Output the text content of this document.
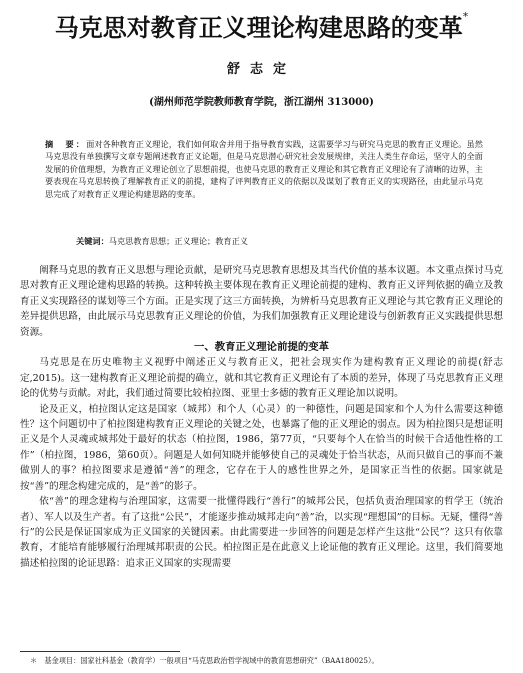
马克思对教育正义理论构建思路的变革*
舒志定
(湖州师范学院教师教育学院，浙江湖州 313000)
摘　要：面对各种教育正义理论，我们如何取舍并用于指导教育实践，这需要学习与研究马克思的教育正义理论。虽然马克思没有单独撰写文章专题阐述教育正义论题，但是马克思潜心研究社会发展规律，关注人类生存命运，坚守人的全面发展的价值理想，为教育正义理论创立了思想前提，也使马克思的教育正义理论和其它教育正义理论有了清晰的边界，主要表现在马克思转换了理解教育正义的前提，建构了评判教育正义的依据以及谋划了教育正义的实现路径，由此显示马克思完成了对教育正义理论构建思路的变革。
关键词：马克思教育思想；正义理论；教育正义

阐释马克思的教育正义思想与理论贡献，是研究马克思教育思想及其当代价值的基本议题。本文重点探讨马克思对教育正义理论建构思路的转换。这种转换主要体现在教育正义理论前提的建构、教育正义评判依据的确立及教育正义实现路径的谋划等三个方面。正是实现了这三方面转换，为辨析马克思教育正义理论与其它教育正义理论的差异提供思路，由此展示马克思教育正义理论的价值，为我们加强教育正义理论建设与创新教育正义实践提供思想资源。

一、教育正义理论前提的变革

马克思是在历史唯物主义视野中阐述正义与教育正义，把社会现实作为建构教育正义理论的前提(舒志定,2015)。这一建构教育正义理论前提的确立，就和其它教育正义理论有了本质的差异，体现了马克思教育正义理论的优势与贡献。对此，我们通过简要比较柏拉图、亚里士多德的教育正义理论加以说明。

论及正义，柏拉图认定这是国家（城邦）和个人（心灵）的一种德性，问题是国家和个人为什么需要这种德性？这个问题切中了柏拉图建构教育正义理论的关键之处，也暴露了他的正义理论的弱点。因为柏拉图只是想证明正义是个人灵魂或城邦处于最好的状态（柏拉图，1986，第77页，“只要每个人在恰当的时候干合适他性格的工作”（柏拉图，1986，第60页）。问题是人如何知晓并能够使自己的灵魂处于恰当状态，从而只做自己的事而不兼做别人的事？柏拉图要求是遵循“善”的理念，它存在于人的感性世界之外，是国家正当性的依据。国家就是按“善”的理念构建完成的，是“善”的影子。

依“善”的理念建构与治理国家，这需要一批懂得践行“善行”的城邦公民，包括负责治理国家的哲学王（统治者）、军人以及生产者。有了这批“公民”，才能逐步推动城邦走向“善”治，以实现“理想国”的目标。无疑，懂得“善行”的公民是保证国家成为正义国家的关键因素。由此需要进一步回答的问题是怎样产生这批“公民”？这只有依靠教育，才能培育能够履行治理城邦职责的公民。柏拉图正是在此意义上论证他的教育正义理论。这里，我们简要地描述柏拉图的论证思路：追求正义国家的实现需要

＊　基金项目：国家社科基金（教育学）一般项目“马克思政治哲学视域中的教育思想研究”（BAA180025）。
